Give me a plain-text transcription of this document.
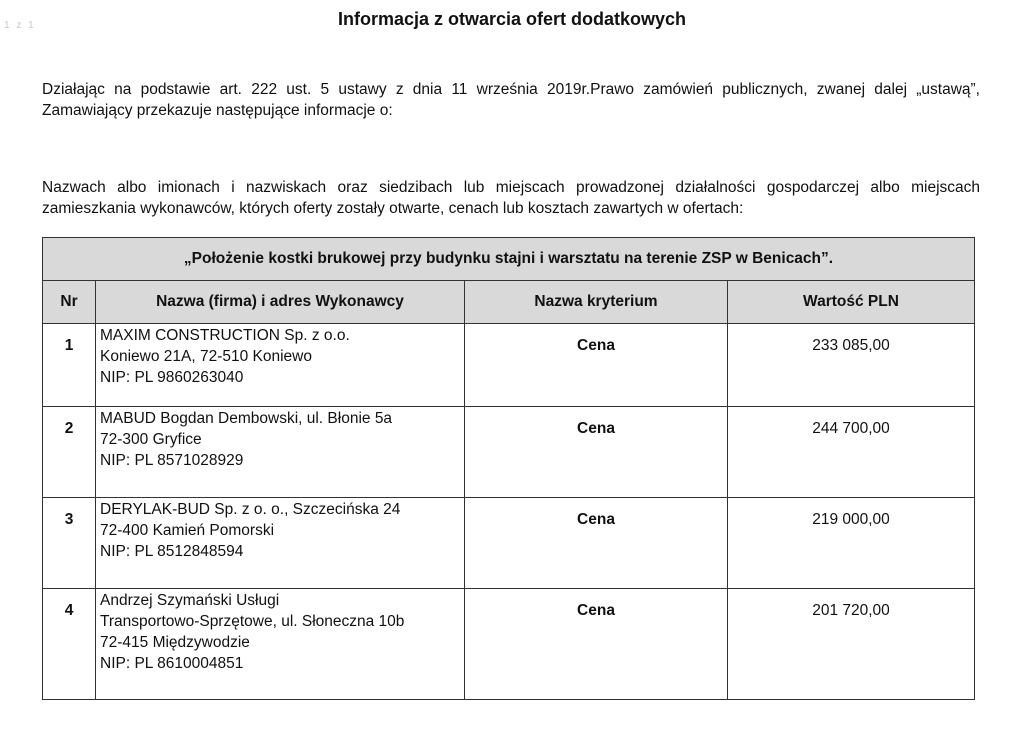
1 z 1	Informacja z otwarcia ofert dodatkowych
Działając na podstawie art. 222 ust. 5 ustawy z dnia 11 września 2019r.Prawo zamówień publicznych, zwanej dalej „ustawą”, Zamawiający przekazuje następujące informacje o:
Nazwach albo imionach i nazwiskach oraz siedzibach lub miejscach prowadzonej działalności gospodarczej albo miejscach zamieszkania wykonawców, których oferty zostały otwarte, cenach lub kosztach zawartych w ofertach:
„Położenie kostki brukowej przy budynku stajni i warsztatu na terenie ZSP w Benicach”.			
Nr	Nazwa (firma) i adres Wykonawcy	Nazwa kryterium	Wartość PLN
1	MAXIM CONSTRUCTION Sp. z o.o.
Koniewo 21A, 72-510 Koniewo
NIP: PL 9860263040	Cena	233 085,00
2	MABUD Bogdan Dembowski, ul. Błonie 5a
72-300 Gryfice
NIP: PL 8571028929	Cena	244 700,00
3	DERYLAK-BUD Sp. z o. o., Szczecińska 24
72-400 Kamień Pomorski
NIP: PL 8512848594	Cena	219 000,00
4	Andrzej Szymański Usługi
Transportowo-Sprzętowe, ul. Słoneczna 10b
72-415 Międzywodzie
NIP: PL 8610004851	Cena	201 720,00
